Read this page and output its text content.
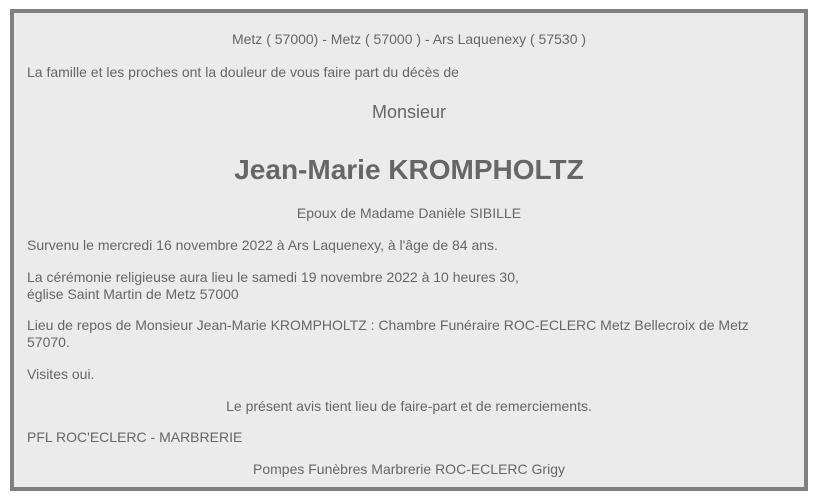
Metz ( 57000) - Metz ( 57000 ) - Ars Laquenexy ( 57530 )
La famille et les proches ont la douleur de vous faire part du décès de
Monsieur
Jean-Marie KROMPHOLTZ
Epoux de Madame Danièle SIBILLE
Survenu le mercredi 16 novembre 2022 à Ars Laquenexy, à l'âge de 84 ans.
La cérémonie religieuse aura lieu le samedi 19 novembre 2022 à 10 heures 30,
église Saint Martin de Metz 57000
Lieu de repos de Monsieur Jean-Marie KROMPHOLTZ : Chambre Funéraire ROC-ECLERC Metz Bellecroix de Metz
57070.
Visites oui.
Le présent avis tient lieu de faire-part et de remerciements.
PFL ROC'ECLERC - MARBRERIE
Pompes Funèbres Marbrerie ROC-ECLERC Grigy
